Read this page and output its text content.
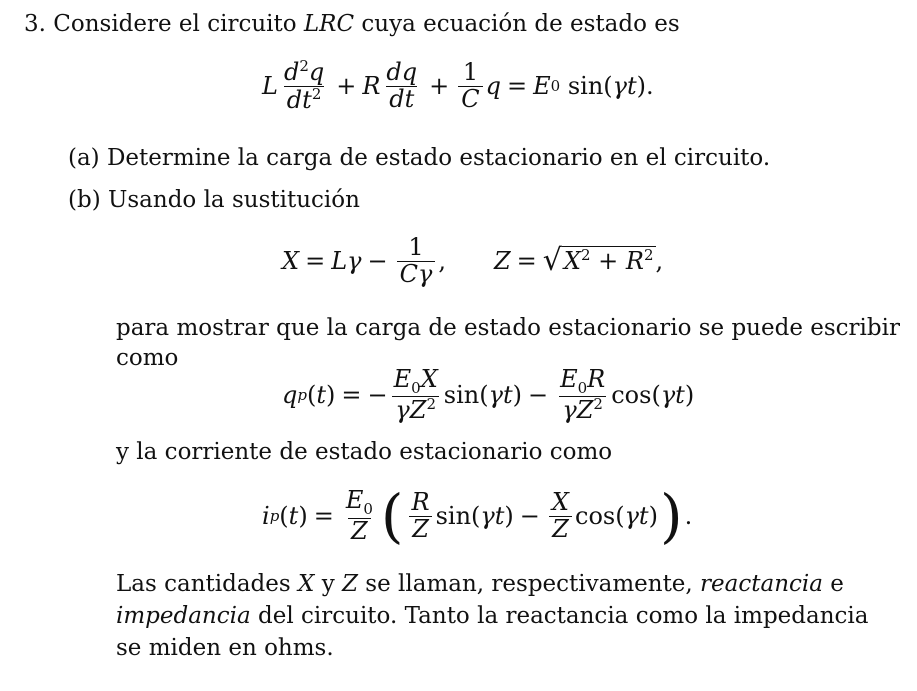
3. Considere el circuito LRC cuya ecuación de estado es
L $\frac{d^2q}{dt^2} + R \frac{dq}{dt} + \frac{1}{C}$ q = E 0 sin( γt ).
(a) Determine la carga de estado estacionario en el circuito.
(b) Usando la sustitución
$X = L\gamma - \frac{1}{C\gamma}$ , Z = √ $X^2 + R^2$ ,
para mostrar que la carga de estado estacionario se puede escribir
como
q p ( t ) = − $\frac{E_0X}{\gamma Z^2} \sin$( γt ) − $\frac{E_0R}{\gamma Z^2} \cos$( γt )
y la corriente de estado estacionario como
i p ( t ) = $\frac{E_0}{Z}$ ( $\frac{R}{Z} \sin$( γt ) − $\frac{X}{Z} \cos$( γt ) ) .
Las cantidades X y Z se llaman, respectivamente, reactancia e
impedancia del circuito. Tanto la reactancia como la impedancia
se miden en ohms.
